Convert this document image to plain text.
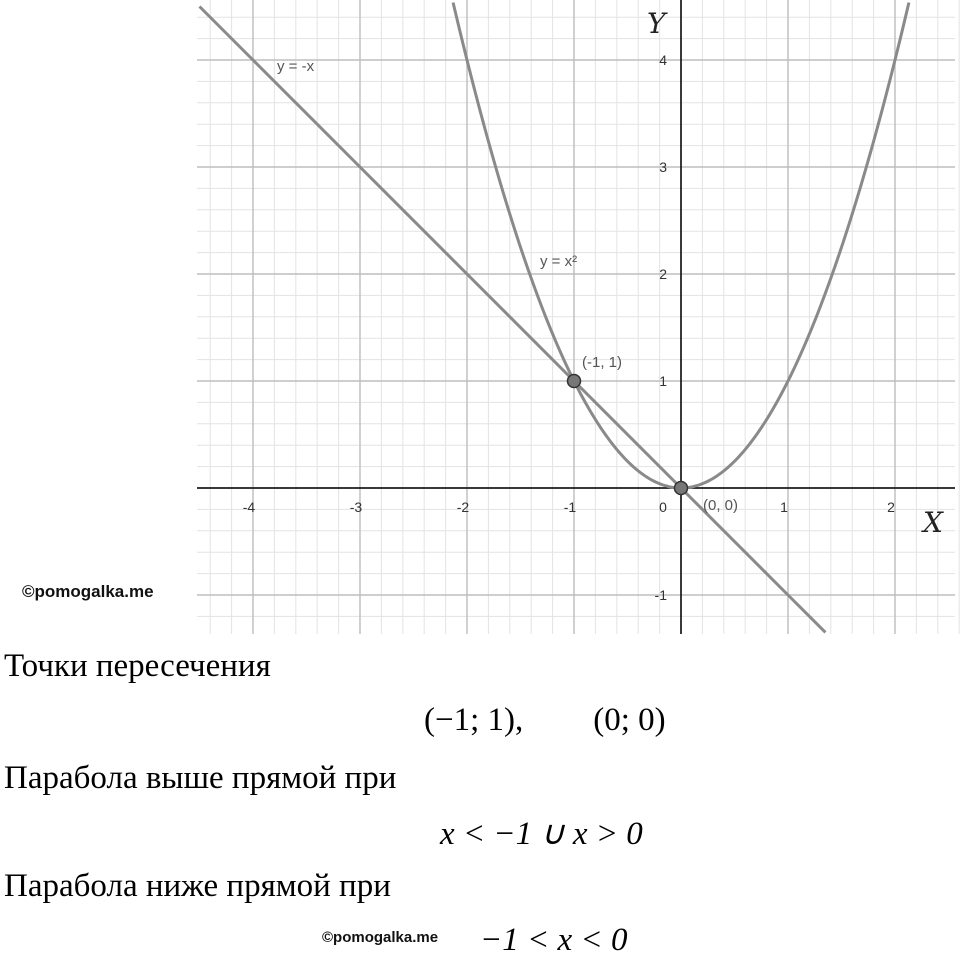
X
Y
y = -x
y = x²
-4	-3	-2	-1	0	1	2
-1
1
2
3
4
(-1, 1)
(0, 0)
©pomogalka.me
Точки пересечения
(−1; 1), (0; 0)
Парабола выше прямой при
x < −1 ∪ x > 0
Парабола ниже прямой при
©pomogalka.me −1 < x < 0
